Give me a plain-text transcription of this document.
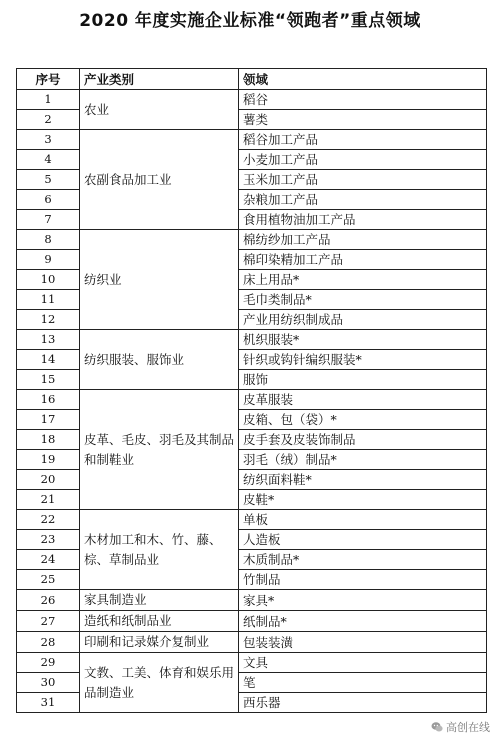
2020 年度实施企业标准“领跑者”重点领域
序号	产业类别	领域
1	农业	稻谷
2		薯类
3	农副食品加工业	稻谷加工产品
4		小麦加工产品
5		玉米加工产品
6		杂粮加工产品
7		食用植物油加工产品
8	纺织业	棉纺纱加工产品
9		棉印染精加工产品
10		床上用品*
11		毛巾类制品*
12		产业用纺织制成品
13	纺织服装、服饰业	机织服装*
14		针织或钩针编织服装*
15		服饰
16	皮革、毛皮、羽毛及其制品和制鞋业	皮革服装
17		皮箱、包（袋）*
18		皮手套及皮装饰制品
19		羽毛（绒）制品*
20		纺织面料鞋*
21		皮鞋*
22	木材加工和木、竹、藤、棕、草制品业	单板
23		人造板
24		木质制品*
25		竹制品
26	家具制造业	家具*
27	造纸和纸制品业	纸制品*
28	印刷和记录媒介复制业	包装装潢
29	文教、工美、体育和娱乐用品制造业	文具
30		笔
31		西乐器
高创在线
